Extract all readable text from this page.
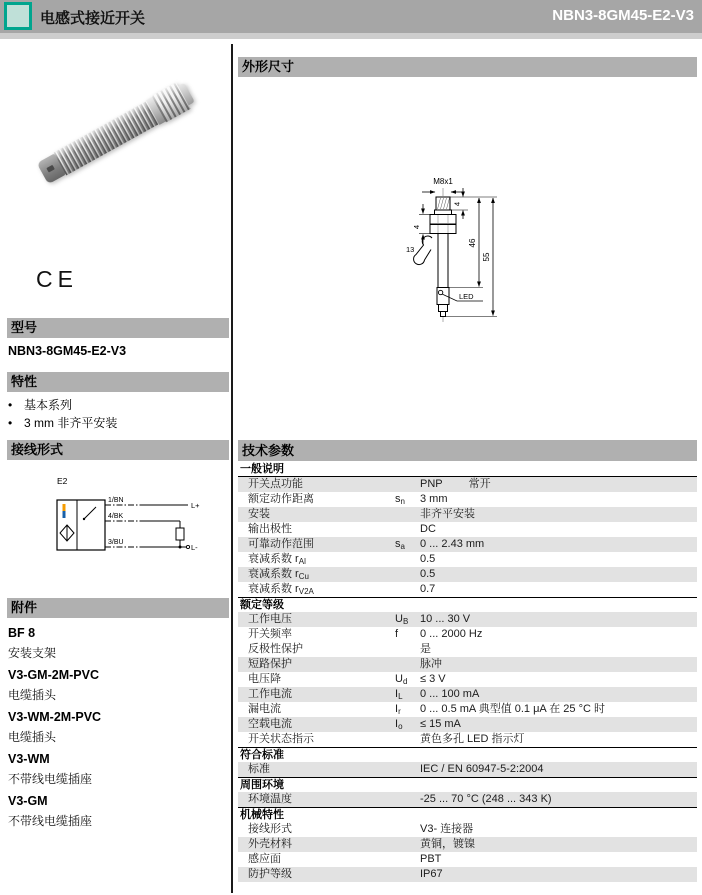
电感式接近开关	NBN3-8GM45-E2-V3
CE
型号
NBN3-8GM45-E2-V3
特性
• 基本系列
• 3 mm 非齐平安装
接线形式
E2
1/BN
4/BK
3/BU
L+
L-
附件
BF 8
安装支架
V3-GM-2M-PVC
电缆插头
V3-WM-2M-PVC
电缆插头
V3-WM
不带线电缆插座
V3-GM
不带线电缆插座
外形尺寸
M8x1
LED
4
4
46
55
13
技术参数
一般说明
开关点功能	PNP 常开
额定动作距离	$s_n$	3 mm
安装	非齐平安装
输出极性	DC
可靠动作范围	$s_a$	0 ... 2.43 mm
衰减系数 $r_{Al}$	0.5
衰减系数 $r_{Cu}$	0.5
衰减系数 $r_{V2A}$	0.7
额定等级
工作电压	$U_B$	10 ... 30 V
开关频率	f	0 ... 2000 Hz
反极性保护	是
短路保护	脉冲
电压降	$U_d$	≤ 3 V
工作电流	$I_L$	0 ... 100 mA
漏电流	$I_r$	0 ... 0.5 mA 典型值 0.1 μA 在 25 °C 时
空载电流	$I_o$	≤ 15 mA
开关状态指示	黄色多孔 LED 指示灯
符合标准
标准	IEC / EN 60947-5-2:2004
周围环境
环境温度	-25 ... 70 °C (248 ... 343 K)
机械特性
接线形式	V3- 连接器
外壳材料	黄铜，镀镍
感应面	PBT
防护等级	IP67
